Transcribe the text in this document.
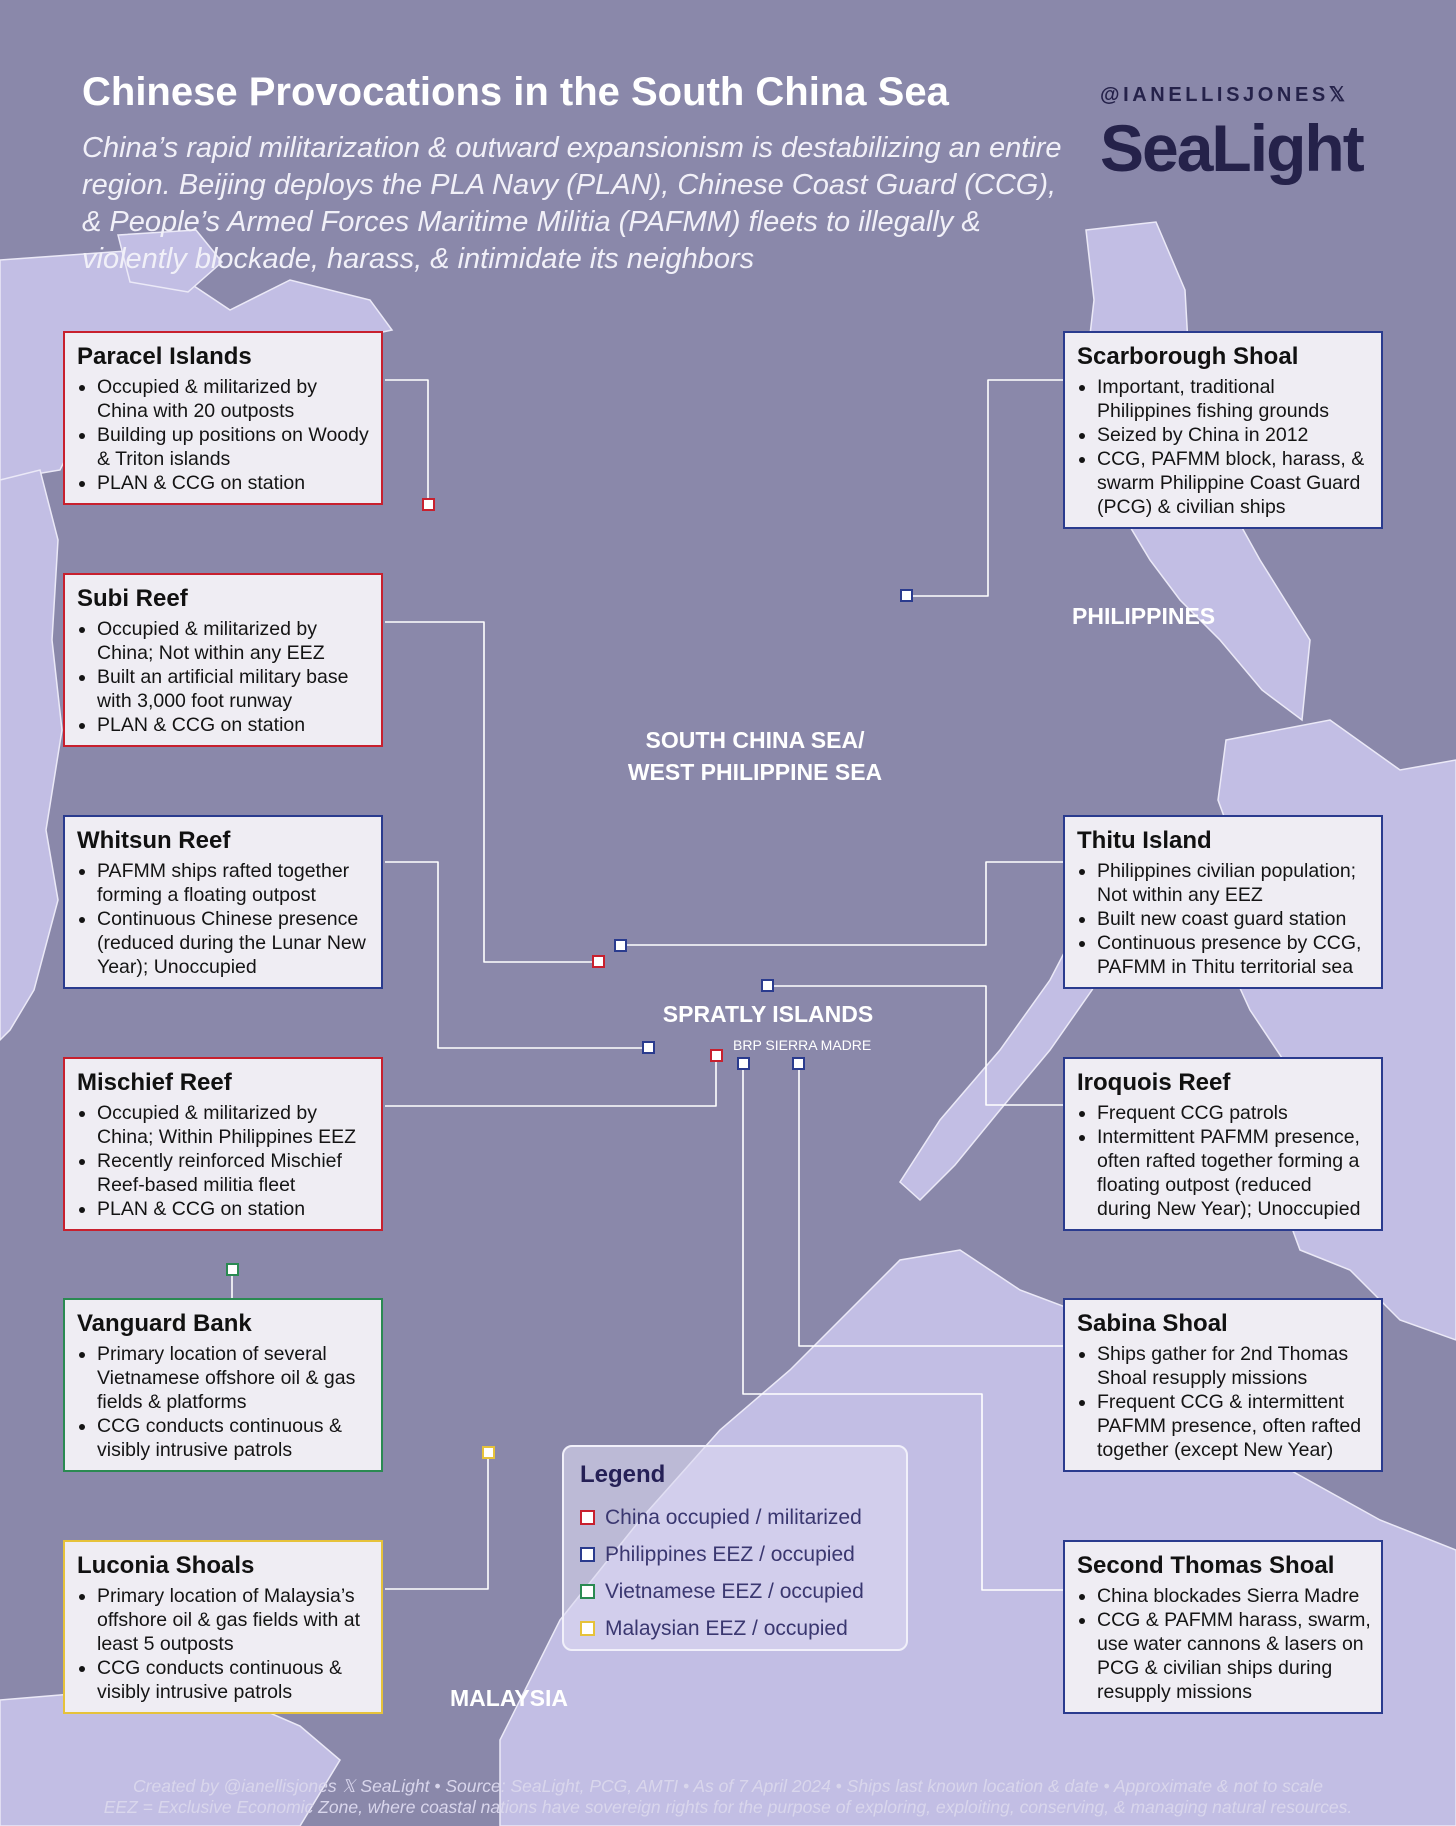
Chinese Provocations in the South China Sea

China’s rapid militarization & outward expansionism is destabilizing an entire region. Beijing deploys the PLA Navy (PLAN), Chinese Coast Guard (CCG), & People’s Armed Forces Maritime Militia (PAFMM) fleets to illegally & violently blockade, harass, & intimidate its neighbors

@IANELLISJONES𝕏
SeaLight
PHILIPPINES
SOUTH CHINA SEA/
WEST PHILIPPINE SEA
SPRATLY ISLANDS
BRP SIERRA MADRE
MALAYSIA
Paracel Islands
• Occupied & militarized by China with 20 outposts
• Building up positions on Woody & Triton islands
• PLAN & CCG on station
Subi Reef
• Occupied & militarized by China; Not within any EEZ
• Built an artificial military base with 3,000 foot runway
• PLAN & CCG on station
Whitsun Reef
• PAFMM ships rafted together forming a floating outpost
• Continuous Chinese presence (reduced during the Lunar New Year); Unoccupied
Mischief Reef
• Occupied & militarized by China; Within Philippines EEZ
• Recently reinforced Mischief Reef-based militia fleet
• PLAN & CCG on station
Vanguard Bank
• Primary location of several Vietnamese offshore oil & gas fields & platforms
• CCG conducts continuous & visibly intrusive patrols
Luconia Shoals
• Primary location of Malaysia’s offshore oil & gas fields with at least 5 outposts
• CCG conducts continuous & visibly intrusive patrols
Scarborough Shoal
• Important, traditional Philippines fishing grounds
• Seized by China in 2012
• CCG, PAFMM block, harass, & swarm Philippine Coast Guard (PCG) & civilian ships
Thitu Island
• Philippines civilian population; Not within any EEZ
• Built new coast guard station
• Continuous presence by CCG, PAFMM in Thitu territorial sea
Iroquois Reef
• Frequent CCG patrols
• Intermittent PAFMM presence, often rafted together forming a floating outpost (reduced during New Year); Unoccupied
Sabina Shoal
• Ships gather for 2nd Thomas Shoal resupply missions
• Frequent CCG & intermittent PAFMM presence, often rafted together (except New Year)
Second Thomas Shoal
• China blockades Sierra Madre
• CCG & PAFMM harass, swarm, use water cannons & lasers on PCG & civilian ships during resupply missions
Legend
China occupied / militarized
Philippines EEZ / occupied
Vietnamese EEZ / occupied
Malaysian EEZ / occupied
Created by @ianellisjones 𝕏 SeaLight • Source: SeaLight, PCG, AMTI • As of 7 April 2024 • Ships last known location & date • Approximate & not to scale
EEZ = Exclusive Economic Zone, where coastal nations have sovereign rights for the purpose of exploring, exploiting, conserving, & managing natural resources.
